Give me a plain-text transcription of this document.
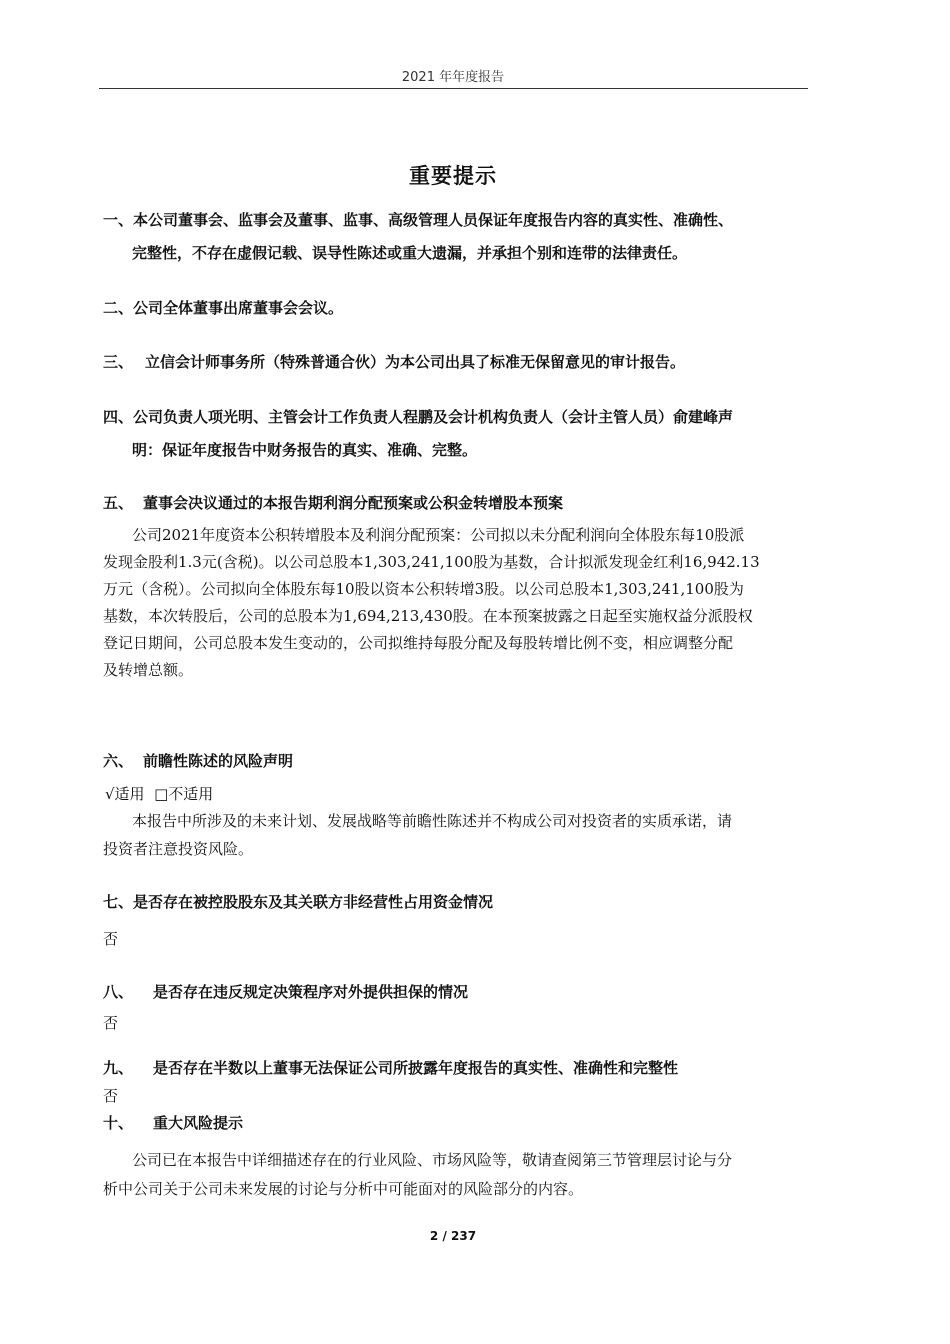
2021 年年度报告
重要提示
一、本公司董事会、监事会及董事、监事、高级管理人员保证年度报告内容的真实性、准确性、
完整性，不存在虚假记载、误导性陈述或重大遗漏，并承担个别和连带的法律责任。
二、公司全体董事出席董事会会议。
三、 立信会计师事务所（特殊普通合伙）为本公司出具了标准无保留意见的审计报告。
四、公司负责人项光明、主管会计工作负责人程鹏及会计机构负责人（会计主管人员）俞建峰声
明：保证年度报告中财务报告的真实、准确、完整。
五、 董事会决议通过的本报告期利润分配预案或公积金转增股本预案
公司2021年度资本公积转增股本及利润分配预案：公司拟以未分配利润向全体股东每10股派
发现金股利1.3元(含税)。以公司总股本1,303,241,100股为基数，合计拟派发现金红利16,942.13
万元（含税）。公司拟向全体股东每10股以资本公积转增3股。以公司总股本1,303,241,100股为
基数，本次转股后，公司的总股本为1,694,213,430股。在本预案披露之日起至实施权益分派股权
登记日期间，公司总股本发生变动的，公司拟维持每股分配及每股转增比例不变，相应调整分配
及转增总额。
六、 前瞻性陈述的风险声明
√适用 □不适用
本报告中所涉及的未来计划、发展战略等前瞻性陈述并不构成公司对投资者的实质承诺，请
投资者注意投资风险。
七、是否存在被控股股东及其关联方非经营性占用资金情况
否
八、 是否存在违反规定决策程序对外提供担保的情况
否
九、 是否存在半数以上董事无法保证公司所披露年度报告的真实性、准确性和完整性
否
十、 重大风险提示
公司已在本报告中详细描述存在的行业风险、市场风险等，敬请查阅第三节管理层讨论与分
析中公司关于公司未来发展的讨论与分析中可能面对的风险部分的内容。
2 / 237
